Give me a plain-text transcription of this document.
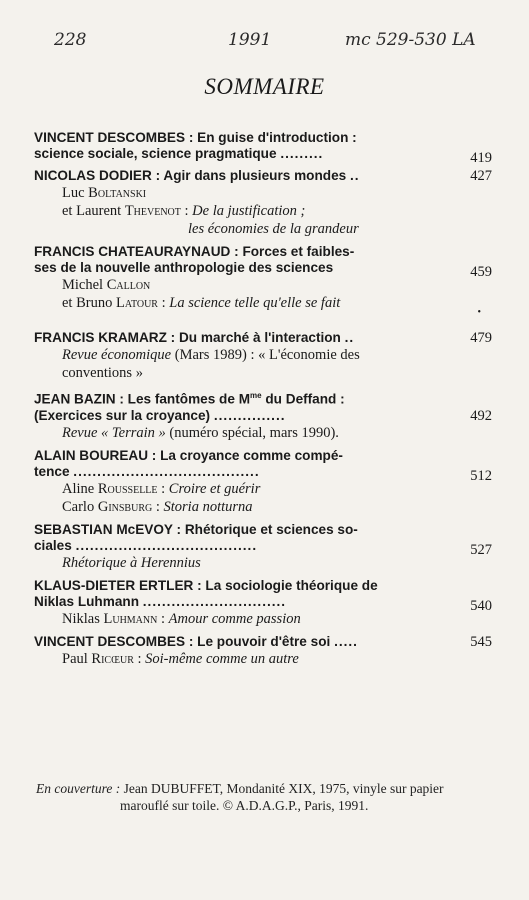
228	1991	mc 529-530 LA
SOMMAIRE
VINCENT DESCOMBES : En guise d'introduction :
science sociale, science pragmatique .........	419
NICOLAS DODIER : Agir dans plusieurs mondes ..	427
Luc Boltanski
et Laurent Thevenot : De la justification ;
les économies de la grandeur
FRANCIS CHATEAURAYNAUD : Forces et faibles-
ses de la nouvelle anthropologie des sciences	459
Michel Callon
et Bruno Latour : La science telle qu'elle se fait
FRANCIS KRAMARZ : Du marché à l'interaction ..	479
Revue économique (Mars 1989) : « L'économie des conventions »
JEAN BAZIN : Les fantômes de $M^{me}$ du Deffand :
(Exercices sur la croyance) ...............	492
Revue « Terrain » (numéro spécial, mars 1990).
ALAIN BOUREAU : La croyance comme compé-
tence .......................................	512
Aline Rousselle : Croire et guérir
Carlo Ginsburg : Storia notturna
SEBASTIAN McEVOY : Rhétorique et sciences so-
ciales ......................................	527
Rhétorique à Herennius
KLAUS-DIETER ERTLER : La sociologie théorique de
Niklas Luhmann ..............................	540
Niklas Luhmann : Amour comme passion
VINCENT DESCOMBES : Le pouvoir d'être soi .....	545
Paul Ricœur : Soi-même comme un autre
•
En couverture : Jean DUBUFFET, Mondanité XIX, 1975, vinyle sur papier
marouflé sur toile. © A.D.A.G.P., Paris, 1991.
